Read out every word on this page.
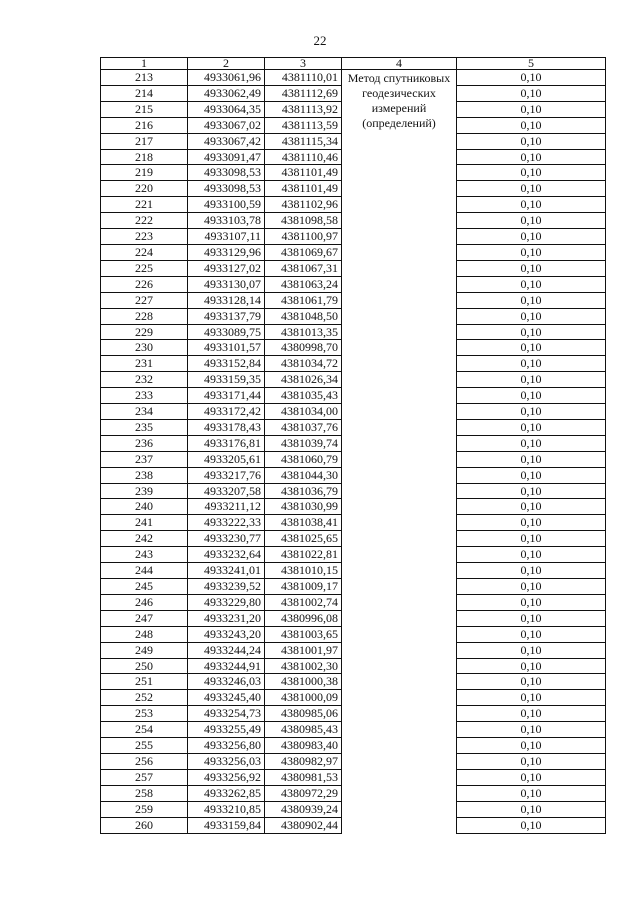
22
1	2	3	4	5
213	4933061,96	4381110,01	Метод спутниковых геодезических измерений (определений)	0,10
214	4933062,49	4381112,69		0,10
215	4933064,35	4381113,92		0,10
216	4933067,02	4381113,59		0,10
217	4933067,42	4381115,34		0,10
218	4933091,47	4381110,46		0,10
219	4933098,53	4381101,49		0,10
220	4933098,53	4381101,49		0,10
221	4933100,59	4381102,96		0,10
222	4933103,78	4381098,58		0,10
223	4933107,11	4381100,97		0,10
224	4933129,96	4381069,67		0,10
225	4933127,02	4381067,31		0,10
226	4933130,07	4381063,24		0,10
227	4933128,14	4381061,79		0,10
228	4933137,79	4381048,50		0,10
229	4933089,75	4381013,35		0,10
230	4933101,57	4380998,70		0,10
231	4933152,84	4381034,72		0,10
232	4933159,35	4381026,34		0,10
233	4933171,44	4381035,43		0,10
234	4933172,42	4381034,00		0,10
235	4933178,43	4381037,76		0,10
236	4933176,81	4381039,74		0,10
237	4933205,61	4381060,79		0,10
238	4933217,76	4381044,30		0,10
239	4933207,58	4381036,79		0,10
240	4933211,12	4381030,99		0,10
241	4933222,33	4381038,41		0,10
242	4933230,77	4381025,65		0,10
243	4933232,64	4381022,81		0,10
244	4933241,01	4381010,15		0,10
245	4933239,52	4381009,17		0,10
246	4933229,80	4381002,74		0,10
247	4933231,20	4380996,08		0,10
248	4933243,20	4381003,65		0,10
249	4933244,24	4381001,97		0,10
250	4933244,91	4381002,30		0,10
251	4933246,03	4381000,38		0,10
252	4933245,40	4381000,09		0,10
253	4933254,73	4380985,06		0,10
254	4933255,49	4380985,43		0,10
255	4933256,80	4380983,40		0,10
256	4933256,03	4380982,97		0,10
257	4933256,92	4380981,53		0,10
258	4933262,85	4380972,29		0,10
259	4933210,85	4380939,24		0,10
260	4933159,84	4380902,44		0,10
